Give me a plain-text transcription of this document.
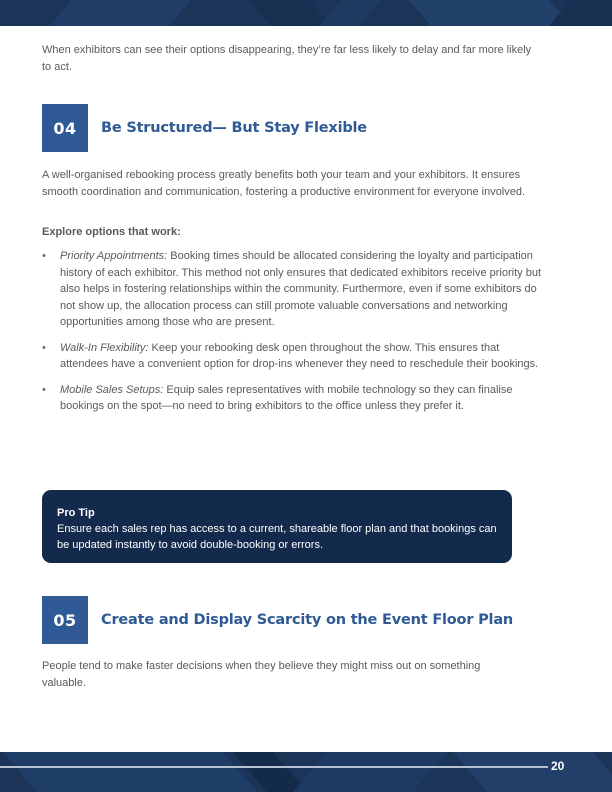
When exhibitors can see their options disappearing, they’re far less likely to delay and far more likely to act.

04	Be Structured— But Stay Flexible

A well-organised rebooking process greatly benefits both your team and your exhibitors. It ensures smooth coordination and communication, fostering a productive environment for everyone involved.

Explore options that work:

• Priority Appointments: Booking times should be allocated considering the loyalty and participation history of each exhibitor. This method not only ensures that dedicated exhibitors receive priority but also helps in fostering relationships within the community. Furthermore, even if some exhibitors do not show up, the allocation process can still promote valuable conversations and networking opportunities among those who are present.
• Walk-In Flexibility: Keep your rebooking desk open throughout the show. This ensures that attendees have a convenient option for drop-ins whenever they need to reschedule their bookings.
• Mobile Sales Setups: Equip sales representatives with mobile technology so they can finalise bookings on the spot—no need to bring exhibitors to the office unless they prefer it.
Pro Tip
Ensure each sales rep has access to a current, shareable floor plan and that bookings can be updated instantly to avoid double-booking or errors.
05	Create and Display Scarcity on the Event Floor Plan

People tend to make faster decisions when they believe they might miss out on something valuable.

20
